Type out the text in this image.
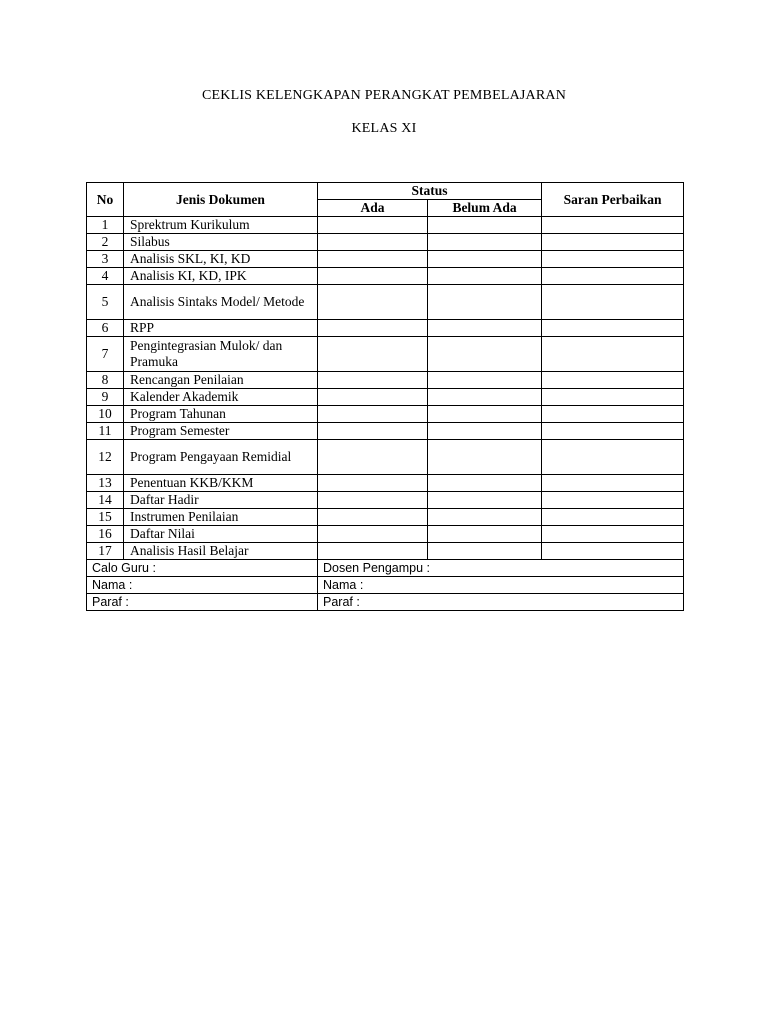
CEKLIS KELENGKAPAN PERANGKAT PEMBELAJARAN
KELAS XI
No	Jenis Dokumen	Status		Saran Perbaikan
		Ada	Belum Ada	
1	Sprektrum Kurikulum			
2	Silabus			
3	Analisis SKL, KI, KD			
4	Analisis KI, KD, IPK			
5	Analisis Sintaks Model/ Metode			
6	RPP			
7	Pengintegrasian Mulok/ dan Pramuka			
8	Rencangan Penilaian			
9	Kalender Akademik			
10	Program Tahunan			
11	Program Semester			
12	Program Pengayaan Remidial			
13	Penentuan KKB/KKM			
14	Daftar Hadir			
15	Instrumen Penilaian			
16	Daftar Nilai			
17	Analisis Hasil Belajar			
Calo Guru :		Dosen Pengampu :		
Nama :		Nama :		
Paraf :		Paraf :		
